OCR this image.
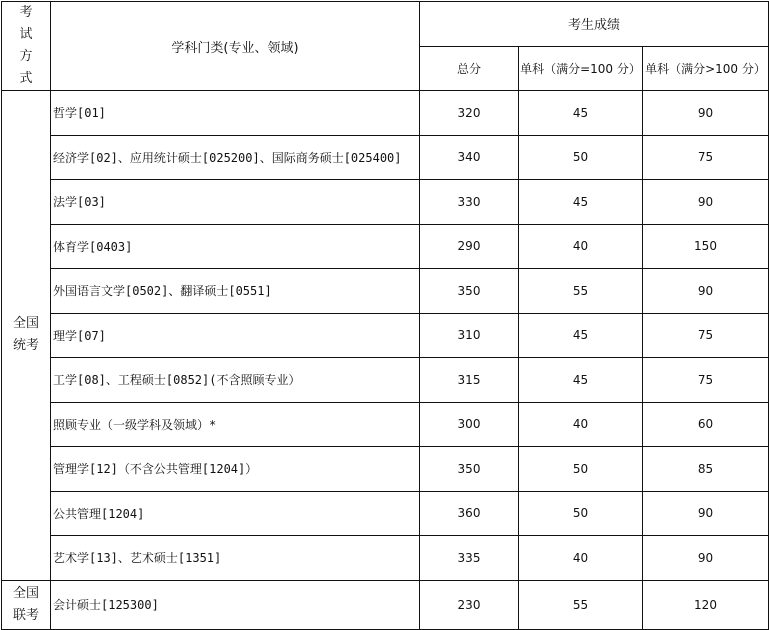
考试方式	学科门类(专业、领域)	考生成绩		
		总分	单科（满分=100 分）	单科（满分>100 分）
全国统考	哲学[01]	320	45	90
	经济学[02]、应用统计硕士[025200]、国际商务硕士[025400]	340	50	75
	法学[03]	330	45	90
	体育学[0403]	290	40	150
	外国语言文学[0502]、翻译硕士[0551]	350	55	90
	理学[07]	310	45	75
	工学[08]、工程硕士[0852](不含照顾专业）	315	45	75
	照顾专业（一级学科及领域）*	300	40	60
	管理学[12]（不含公共管理[1204]）	350	50	85
	公共管理[1204]	360	50	90
	艺术学[13]、艺术硕士[1351]	335	40	90
全国联考	会计硕士[125300]	230	55	120
